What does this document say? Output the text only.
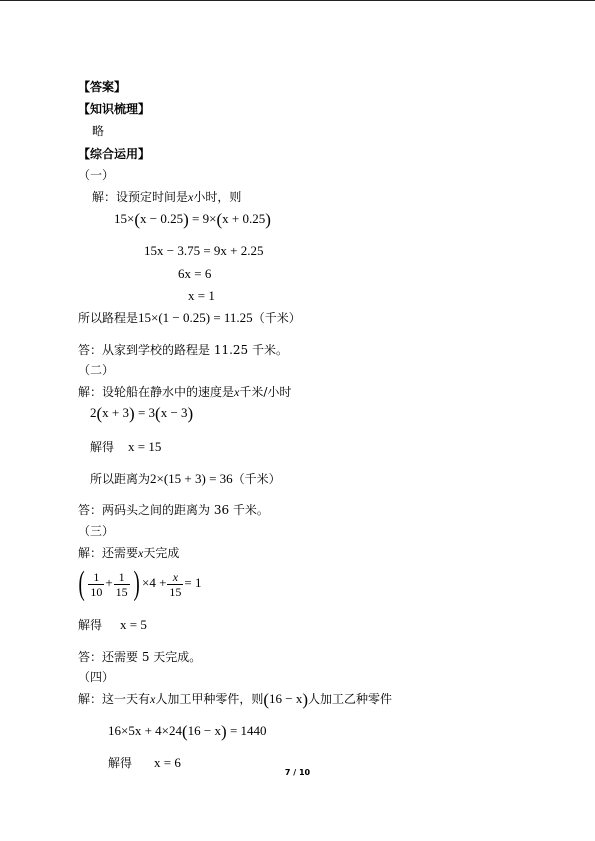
【答案】
【知识梳理】
略
【综合运用】
（一）
解：设预定时间是x小时，则
15×(x − 0.25) = 9×(x + 0.25)
15x − 3.75 = 9x + 2.25
6x = 6
x = 1
所以路程是15×(1 − 0.25) = 11.25（千米）
答：从家到学校的路程是 11.25 千米。
（二）
解：设轮船在静水中的速度是x千米/小时
2(x + 3) = 3(x − 3)
解得 x = 15
所以距离为2×(15 + 3) = 36（千米）
答：两码头之间的距离为 36 千米。
（三）
解：还需要x天完成
( $\frac{1}{10} + \frac{1}{15}$ ) $\times 4 + \frac{x}{15} = 1$
解得 x = 5
答：还需要 5 天完成。
（四）
解：这一天有x人加工甲种零件，则(16 − x)人加工乙种零件
16×5x + 4×24(16 − x) = 1440
解得 x = 6
7 / 10
